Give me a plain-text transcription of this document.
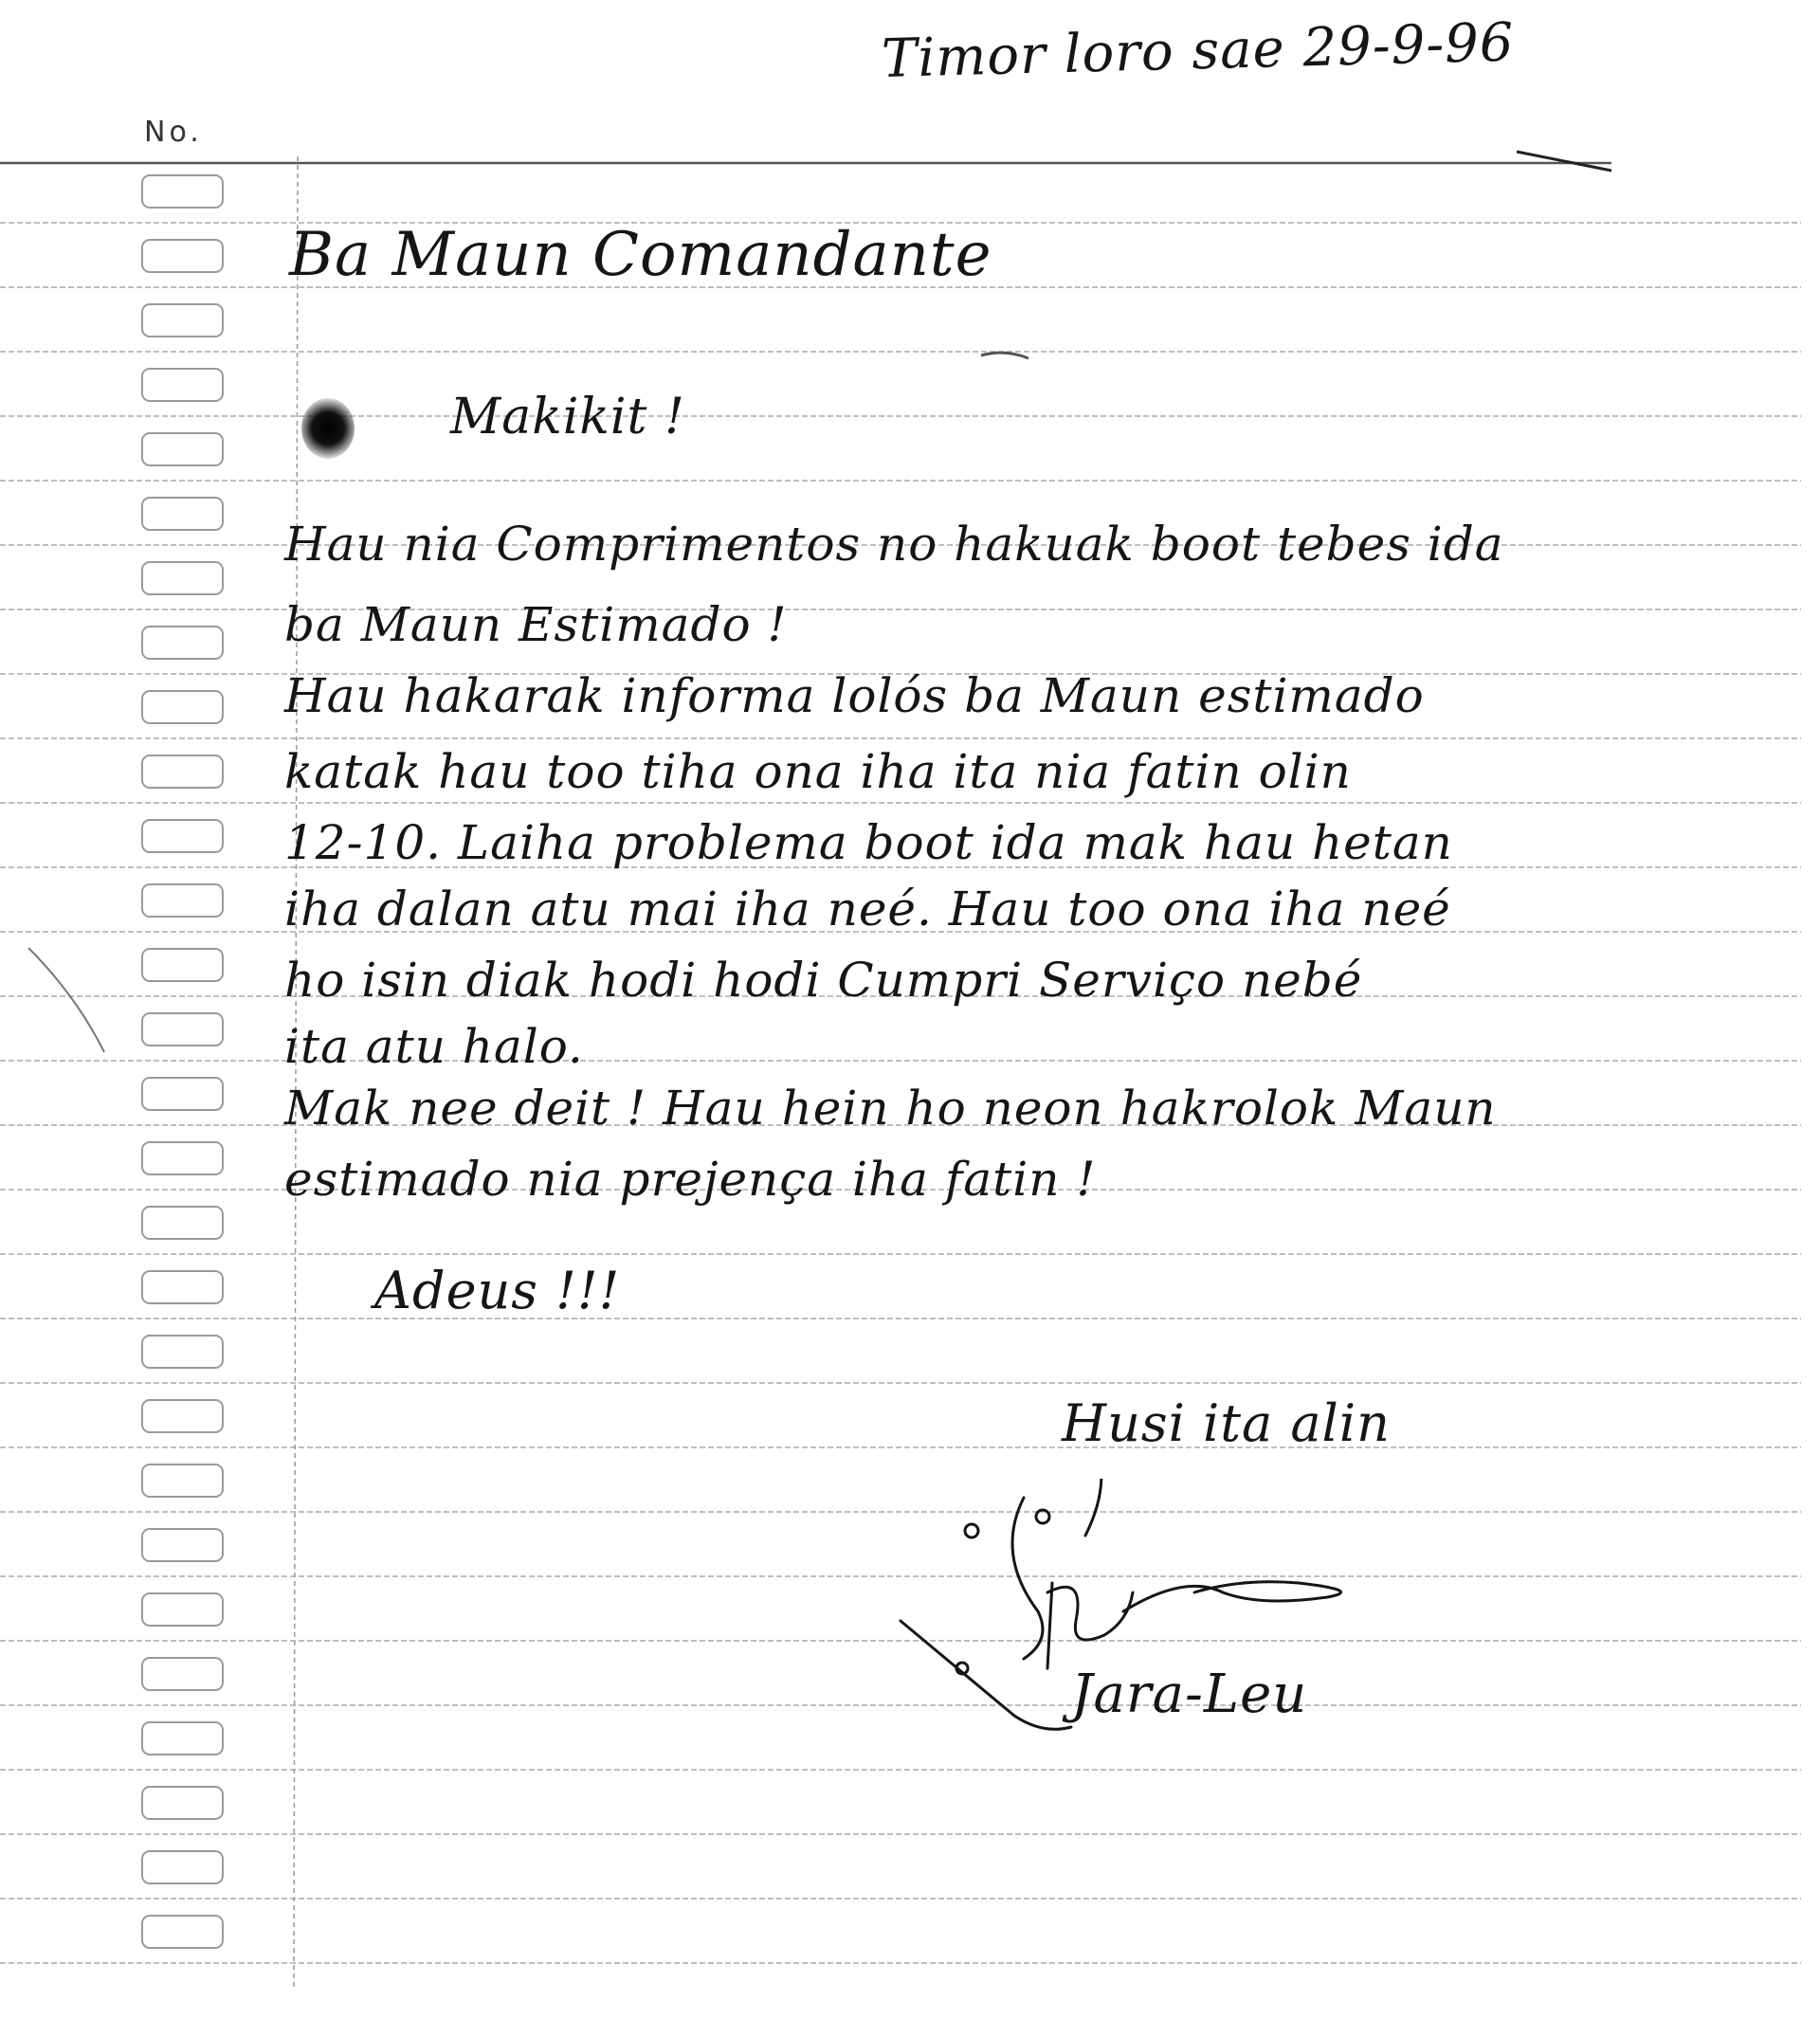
No.
Timor loro sae 29-9-96
Ba Maun Comandante
Makikit !
Hau nia Comprimentos no hakuak boot tebes ida
ba Maun Estimado !
Hau hakarak informa lolós ba Maun estimado
katak hau too tiha ona iha ita nia fatin olin
12-10. Laiha problema boot ida mak hau hetan
iha dalan atu mai iha neé. Hau too ona iha neé
ho isin diak hodi hodi Cumpri Serviço nebé
ita atu halo.
Mak nee deit ! Hau hein ho neon hakrolok Maun
estimado nia prejença iha fatin !
Adeus !!!
Husi ita alin
Jara-Leu
